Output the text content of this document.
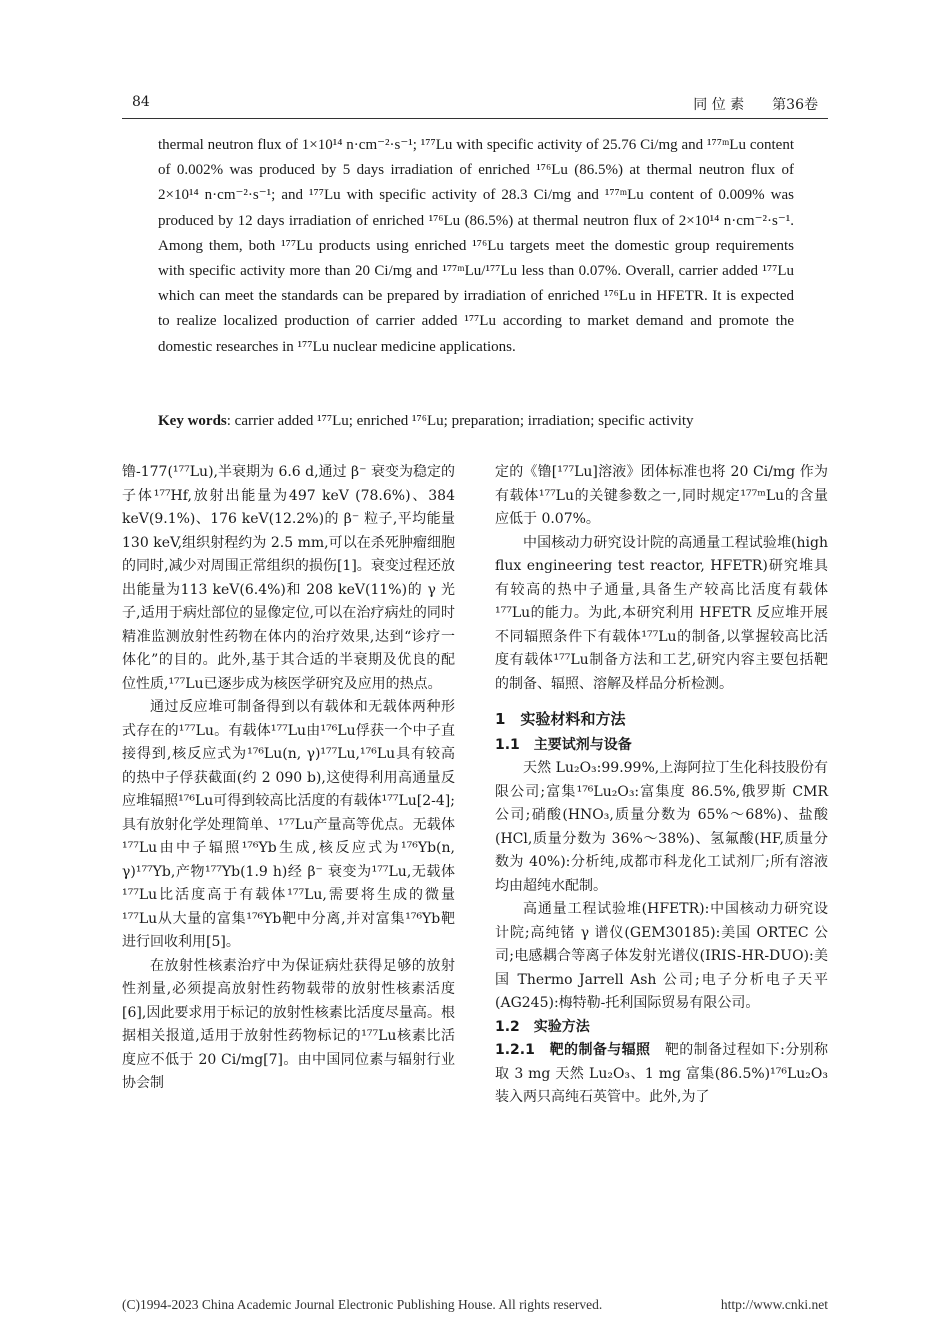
84	同 位 素　　第36卷

thermal neutron flux of 1×10¹⁴ n·cm⁻²·s⁻¹; ¹⁷⁷Lu with specific activity of 25.76 Ci/mg and ¹⁷⁷ᵐLu content of 0.002% was produced by 5 days irradiation of enriched ¹⁷⁶Lu (86.5%) at thermal neutron flux of 2×10¹⁴ n·cm⁻²·s⁻¹; and ¹⁷⁷Lu with specific activity of 28.3 Ci/mg and ¹⁷⁷ᵐLu content of 0.009% was produced by 12 days irradiation of enriched ¹⁷⁶Lu (86.5%) at thermal neutron flux of 2×10¹⁴ n·cm⁻²·s⁻¹. Among them, both ¹⁷⁷Lu products using enriched ¹⁷⁶Lu targets meet the domestic group requirements with specific activity more than 20 Ci/mg and ¹⁷⁷ᵐLu/¹⁷⁷Lu less than 0.07%. Overall, carrier added ¹⁷⁷Lu which can meet the standards can be prepared by irradiation of enriched ¹⁷⁶Lu in HFETR. It is expected to realize localized production of carrier added ¹⁷⁷Lu according to market demand and promote the domestic researches in ¹⁷⁷Lu nuclear medicine applications.

Key words: carrier added ¹⁷⁷Lu; enriched ¹⁷⁶Lu; preparation; irradiation; specific activity

镥-177(¹⁷⁷Lu),半衰期为 6.6 d,通过 β⁻ 衰变为稳定的子体¹⁷⁷Hf,放射出能量为497 keV (78.6%)、384 keV(9.1%)、176 keV(12.2%)的 β⁻ 粒子,平均能量 130 keV,组织射程约为 2.5 mm,可以在杀死肿瘤细胞的同时,减少对周围正常组织的损伤[1]。衰变过程还放出能量为113 keV(6.4%)和 208 keV(11%)的 γ 光子,适用于病灶部位的显像定位,可以在治疗病灶的同时精准监测放射性药物在体内的治疗效果,达到“诊疗一体化”的目的。此外,基于其合适的半衰期及优良的配位性质,¹⁷⁷Lu已逐步成为核医学研究及应用的热点。

通过反应堆可制备得到以有载体和无载体两种形式存在的¹⁷⁷Lu。有载体¹⁷⁷Lu由¹⁷⁶Lu俘获一个中子直接得到,核反应式为¹⁷⁶Lu(n, γ)¹⁷⁷Lu,¹⁷⁶Lu具有较高的热中子俘获截面(约 2 090 b),这使得利用高通量反应堆辐照¹⁷⁶Lu可得到较高比活度的有载体¹⁷⁷Lu[2-4];具有放射化学处理简单、¹⁷⁷Lu产量高等优点。无载体¹⁷⁷Lu由中子辐照¹⁷⁶Yb生成,核反应式为¹⁷⁶Yb(n, γ)¹⁷⁷Yb,产物¹⁷⁷Yb(1.9 h)经 β⁻ 衰变为¹⁷⁷Lu,无载体¹⁷⁷Lu比活度高于有载体¹⁷⁷Lu,需要将生成的微量¹⁷⁷Lu从大量的富集¹⁷⁶Yb靶中分离,并对富集¹⁷⁶Yb靶进行回收利用[5]。

在放射性核素治疗中为保证病灶获得足够的放射性剂量,必须提高放射性药物载带的放射性核素活度[6],因此要求用于标记的放射性核素比活度尽量高。根据相关报道,适用于放射性药物标记的¹⁷⁷Lu核素比活度应不低于 20 Ci/mg[7]。由中国同位素与辐射行业协会制

定的《镥[¹⁷⁷Lu]溶液》团体标准也将 20 Ci/mg 作为有载体¹⁷⁷Lu的关键参数之一,同时规定¹⁷⁷ᵐLu的含量应低于 0.07%。

中国核动力研究设计院的高通量工程试验堆(high flux engineering test reactor, HFETR)研究堆具有较高的热中子通量,具备生产较高比活度有载体¹⁷⁷Lu的能力。为此,本研究利用 HFETR 反应堆开展不同辐照条件下有载体¹⁷⁷Lu的制备,以掌握较高比活度有载体¹⁷⁷Lu制备方法和工艺,研究内容主要包括靶的制备、辐照、溶解及样品分析检测。

1　实验材料和方法

1.1　主要试剂与设备

天然 Lu₂O₃:99.99%,上海阿拉丁生化科技股份有限公司;富集¹⁷⁶Lu₂O₃:富集度 86.5%,俄罗斯 CMR 公司;硝酸(HNO₃,质量分数为 65%～68%)、盐酸(HCl,质量分数为 36%～38%)、氢氟酸(HF,质量分数为 40%):分析纯,成都市科龙化工试剂厂;所有溶液均由超纯水配制。

高通量工程试验堆(HFETR):中国核动力研究设计院;高纯锗 γ 谱仪(GEM30185):美国 ORTEC 公司;电感耦合等离子体发射光谱仪(IRIS-HR-DUO):美国 Thermo Jarrell Ash 公司;电子分析电子天平(AG245):梅特勒-托利国际贸易有限公司。

1.2　实验方法

1.2.1　靶的制备与辐照　 靶的制备过程如下:分别称取 3 mg 天然 Lu₂O₃、1 mg 富集(86.5%)¹⁷⁶Lu₂O₃装入两只高纯石英管中。此外,为了

(C)1994-2023 China Academic Journal Electronic Publishing House. All rights reserved.	http://www.cnki.net
